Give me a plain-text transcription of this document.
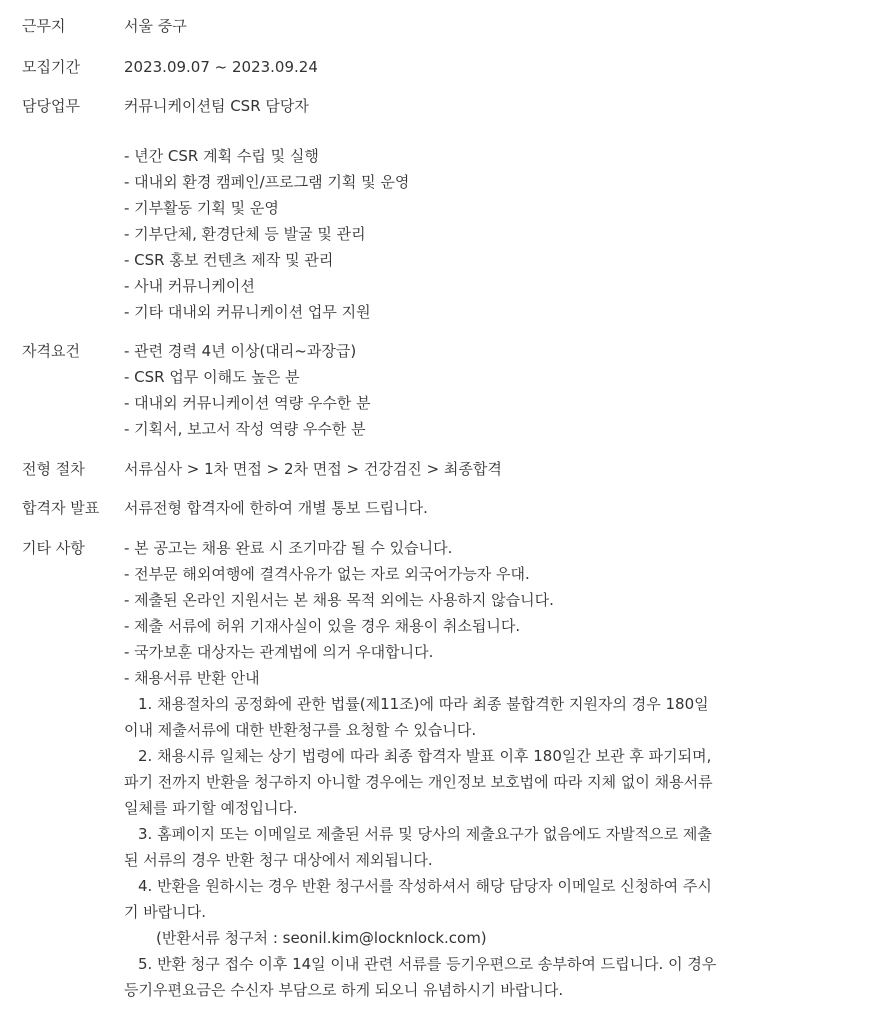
근무지	서울 중구
모집기간	2023.09.07 ~ 2023.09.24
담당업무	커뮤니케이션팀 CSR 담당자
- 년간 CSR 계획 수립 및 실행
- 대내외 환경 캠페인/프로그램 기획 및 운영
- 기부활동 기획 및 운영
- 기부단체, 환경단체 등 발굴 및 관리
- CSR 홍보 컨텐츠 제작 및 관리
- 사내 커뮤니케이션
- 기타 대내외 커뮤니케이션 업무 지원
자격요건	- 관련 경력 4년 이상(대리~과장급)
- CSR 업무 이해도 높은 분
- 대내외 커뮤니케이션 역량 우수한 분
- 기획서, 보고서 작성 역량 우수한 분
전형 절차	서류심사 > 1차 면접 > 2차 면접 > 건강검진 > 최종합격
합격자 발표	서류전형 합격자에 한하여 개별 통보 드립니다.
기타 사항	- 본 공고는 채용 완료 시 조기마감 될 수 있습니다.
- 전부문 해외여행에 결격사유가 없는 자로 외국어가능자 우대.
- 제출된 온라인 지원서는 본 채용 목적 외에는 사용하지 않습니다.
- 제출 서류에 허위 기재사실이 있을 경우 채용이 취소됩니다.
- 국가보훈 대상자는 관계법에 의거 우대합니다.
- 채용서류 반환 안내
1. 채용절차의 공정화에 관한 법률(제11조)에 따라 최종 불합격한 지원자의 경우 180일
이내 제출서류에 대한 반환청구를 요청할 수 있습니다.
2. 채용시류 일체는 상기 법령에 따라 최종 합격자 발표 이후 180일간 보관 후 파기되며,
파기 전까지 반환을 청구하지 아니할 경우에는 개인정보 보호법에 따라 지체 없이 채용서류
일체를 파기할 예정입니다.
3. 홈페이지 또는 이메일로 제출된 서류 및 당사의 제출요구가 없음에도 자발적으로 제출
된 서류의 경우 반환 청구 대상에서 제외됩니다.
4. 반환을 원하시는 경우 반환 청구서를 작성하셔서 해당 담당자 이메일로 신청하여 주시
기 바랍니다.
(반환서류 청구처 : seonil.kim@locknlock.com)
5. 반환 청구 접수 이후 14일 이내 관련 서류를 등기우편으로 송부하여 드립니다. 이 경우
등기우편요금은 수신자 부담으로 하게 되오니 유념하시기 바랍니다.
